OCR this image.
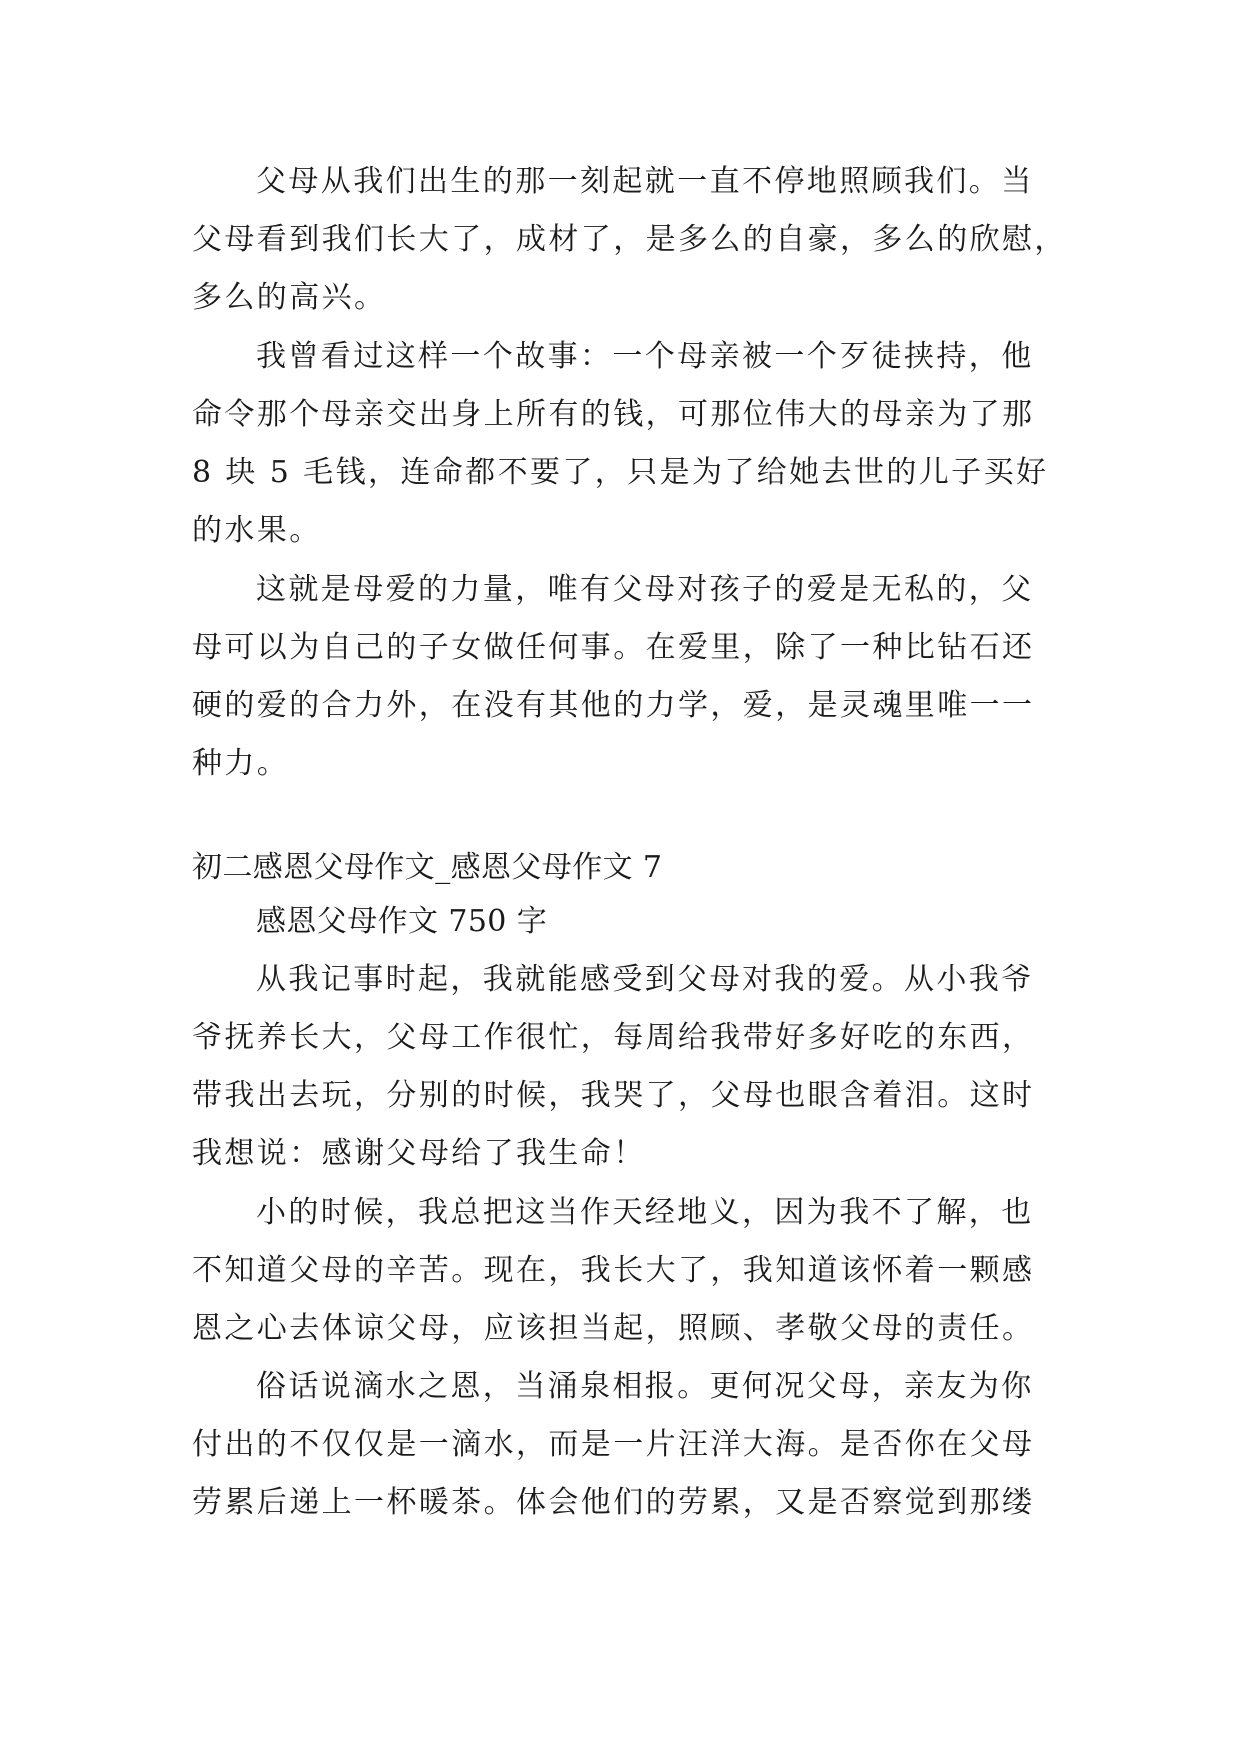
父母从我们出生的那一刻起就一直不停地照顾我们。当
父母看到我们长大了，成材了，是多么的自豪，多么的欣慰，
多么的高兴。
我曾看过这样一个故事：一个母亲被一个歹徒挟持，他
命令那个母亲交出身上所有的钱，可那位伟大的母亲为了那
8 块 5 毛钱，连命都不要了，只是为了给她去世的儿子买好
的水果。
这就是母爱的力量，唯有父母对孩子的爱是无私的，父
母可以为自己的子女做任何事。在爱里，除了一种比钻石还
硬的爱的合力外，在没有其他的力学，爱，是灵魂里唯一一
种力。
初二感恩父母作文_感恩父母作文 7
感恩父母作文 750 字
从我记事时起，我就能感受到父母对我的爱。从小我爷
爷抚养长大，父母工作很忙，每周给我带好多好吃的东西，
带我出去玩，分别的时候，我哭了，父母也眼含着泪。这时
我想说：感谢父母给了我生命！
小的时候，我总把这当作天经地义，因为我不了解，也
不知道父母的辛苦。现在，我长大了，我知道该怀着一颗感
恩之心去体谅父母，应该担当起，照顾、孝敬父母的责任。
俗话说滴水之恩，当涌泉相报。更何况父母，亲友为你
付出的不仅仅是一滴水，而是一片汪洋大海。是否你在父母
劳累后递上一杯暖茶。体会他们的劳累，又是否察觉到那缕
